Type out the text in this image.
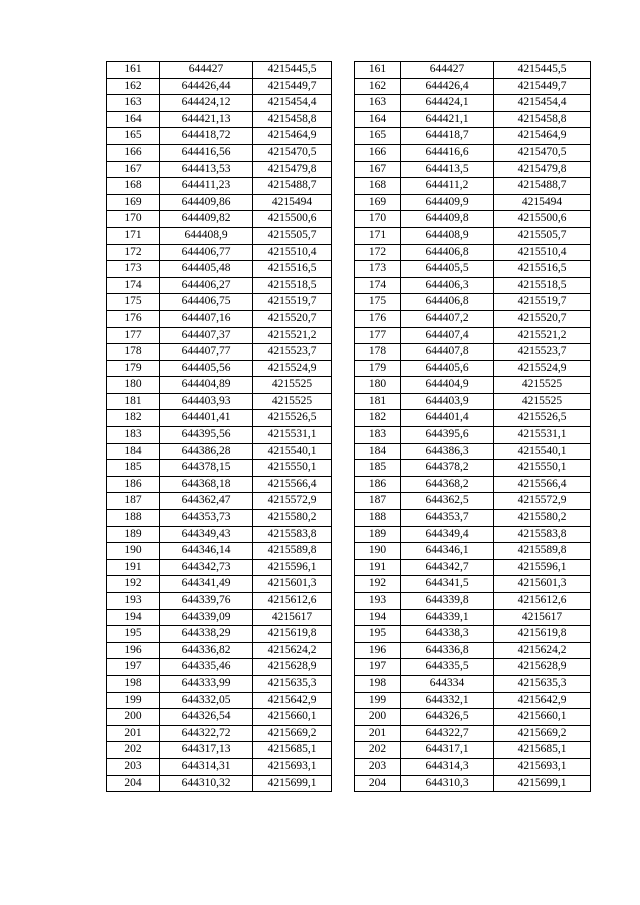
161	644427	4215445,5		161	644427	4215445,5
162	644426,44	4215449,7		162	644426,4	4215449,7
163	644424,12	4215454,4		163	644424,1	4215454,4
164	644421,13	4215458,8		164	644421,1	4215458,8
165	644418,72	4215464,9		165	644418,7	4215464,9
166	644416,56	4215470,5		166	644416,6	4215470,5
167	644413,53	4215479,8		167	644413,5	4215479,8
168	644411,23	4215488,7		168	644411,2	4215488,7
169	644409,86	4215494		169	644409,9	4215494
170	644409,82	4215500,6		170	644409,8	4215500,6
171	644408,9	4215505,7		171	644408,9	4215505,7
172	644406,77	4215510,4		172	644406,8	4215510,4
173	644405,48	4215516,5		173	644405,5	4215516,5
174	644406,27	4215518,5		174	644406,3	4215518,5
175	644406,75	4215519,7		175	644406,8	4215519,7
176	644407,16	4215520,7		176	644407,2	4215520,7
177	644407,37	4215521,2		177	644407,4	4215521,2
178	644407,77	4215523,7		178	644407,8	4215523,7
179	644405,56	4215524,9		179	644405,6	4215524,9
180	644404,89	4215525		180	644404,9	4215525
181	644403,93	4215525		181	644403,9	4215525
182	644401,41	4215526,5		182	644401,4	4215526,5
183	644395,56	4215531,1		183	644395,6	4215531,1
184	644386,28	4215540,1		184	644386,3	4215540,1
185	644378,15	4215550,1		185	644378,2	4215550,1
186	644368,18	4215566,4		186	644368,2	4215566,4
187	644362,47	4215572,9		187	644362,5	4215572,9
188	644353,73	4215580,2		188	644353,7	4215580,2
189	644349,43	4215583,8		189	644349,4	4215583,8
190	644346,14	4215589,8		190	644346,1	4215589,8
191	644342,73	4215596,1		191	644342,7	4215596,1
192	644341,49	4215601,3		192	644341,5	4215601,3
193	644339,76	4215612,6		193	644339,8	4215612,6
194	644339,09	4215617		194	644339,1	4215617
195	644338,29	4215619,8		195	644338,3	4215619,8
196	644336,82	4215624,2		196	644336,8	4215624,2
197	644335,46	4215628,9		197	644335,5	4215628,9
198	644333,99	4215635,3		198	644334	4215635,3
199	644332,05	4215642,9		199	644332,1	4215642,9
200	644326,54	4215660,1		200	644326,5	4215660,1
201	644322,72	4215669,2		201	644322,7	4215669,2
202	644317,13	4215685,1		202	644317,1	4215685,1
203	644314,31	4215693,1		203	644314,3	4215693,1
204	644310,32	4215699,1		204	644310,3	4215699,1
